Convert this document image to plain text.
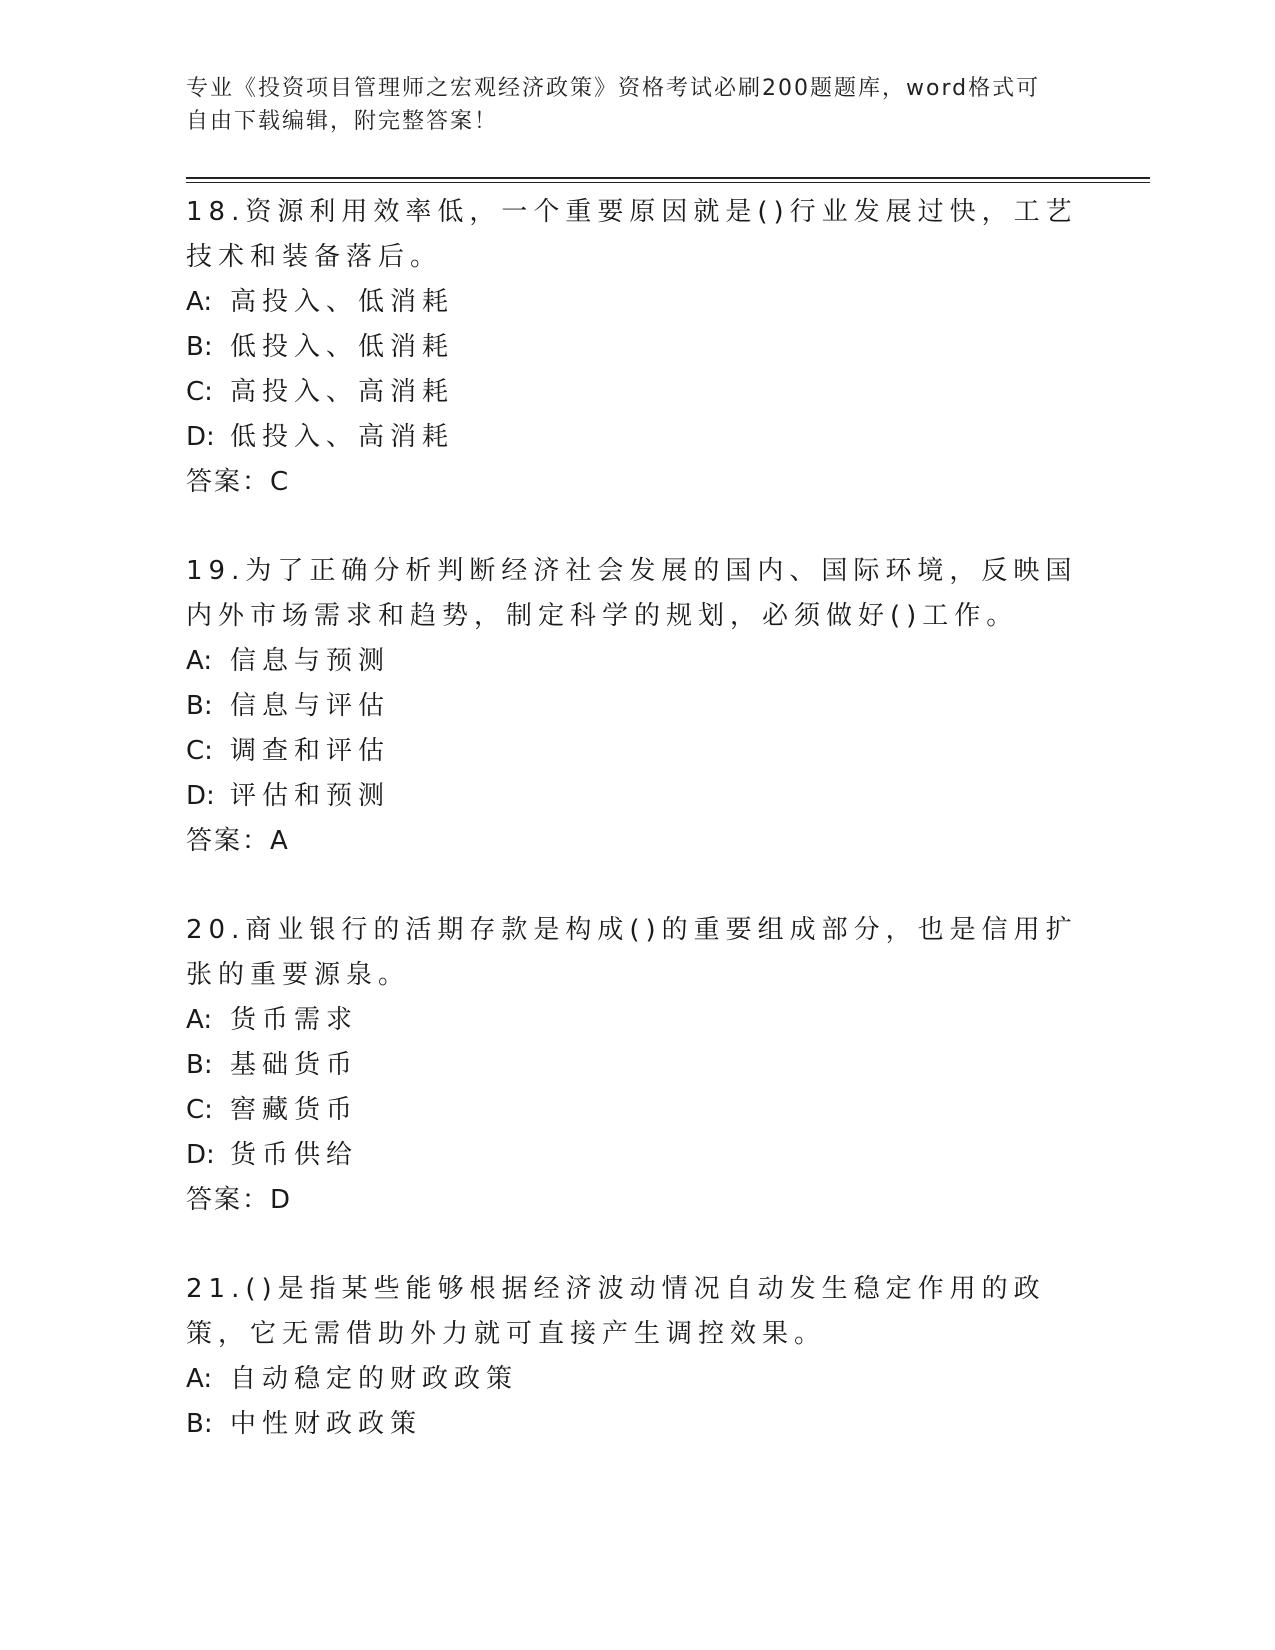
专业《投资项目管理师之宏观经济政策》资格考试必刷200题题库，word格式可
自由下载编辑，附完整答案！

18.资源利用效率低，一个重要原因就是()行业发展过快，工艺技术和装备落后。

A: 高投入、低消耗

B: 低投入、低消耗

C: 高投入、高消耗

D: 低投入、高消耗

答案：C

19.为了正确分析判断经济社会发展的国内、国际环境，反映国内外市场需求和趋势，制定科学的规划，必须做好()工作。

A: 信息与预测

B: 信息与评估

C: 调查和评估

D: 评估和预测

答案：A

20.商业银行的活期存款是构成()的重要组成部分，也是信用扩张的重要源泉。

A: 货币需求

B: 基础货币

C: 窖藏货币

D: 货币供给

答案：D

21.()是指某些能够根据经济波动情况自动发生稳定作用的政策，它无需借助外力就可直接产生调控效果。

A: 自动稳定的财政政策

B: 中性财政政策
